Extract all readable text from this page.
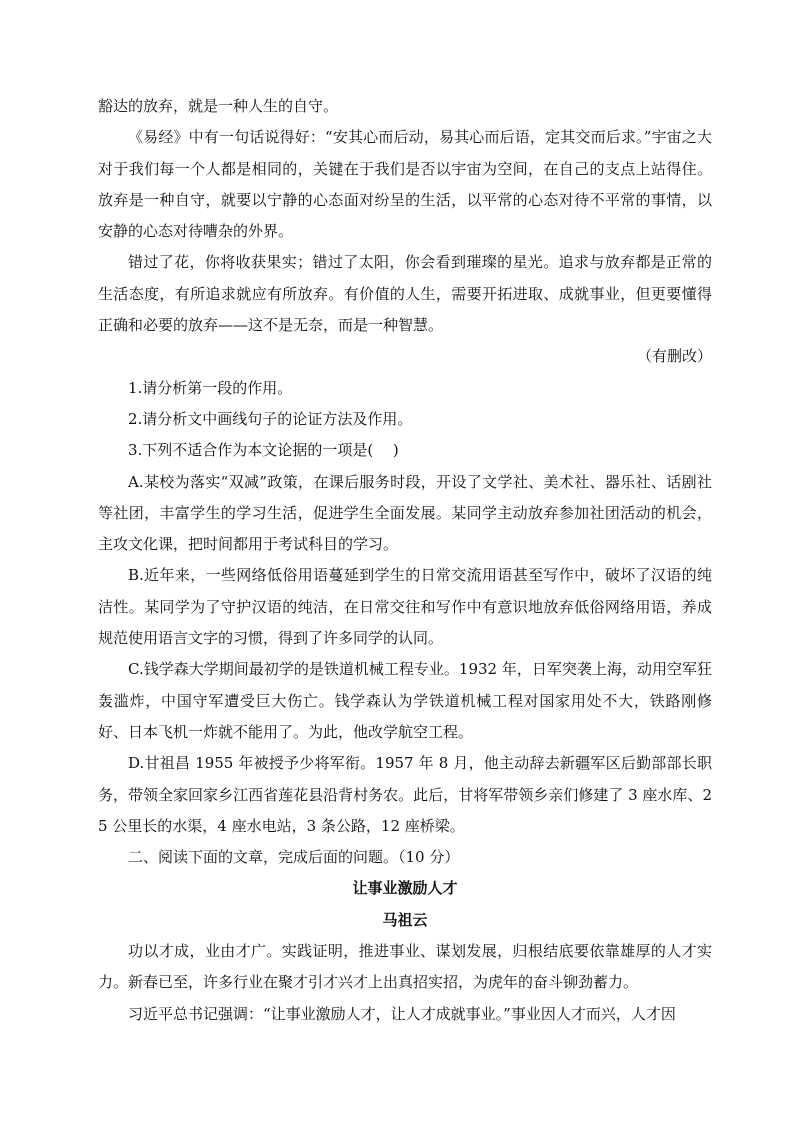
豁达的放弃，就是一种人生的自守。

《易经》中有一句话说得好：“安其心而后动，易其心而后语，定其交而后求。”宇宙之大对于我们每一个人都是相同的，关键在于我们是否以宇宙为空间，在自己的支点上站得住。放弃是一种自守，就要以宁静的心态面对纷呈的生活，以平常的心态对待不平常的事情，以安静的心态对待嘈杂的外界。

错过了花，你将收获果实；错过了太阳，你会看到璀璨的星光。追求与放弃都是正常的生活态度，有所追求就应有所放弃。有价值的人生，需要开拓进取、成就事业，但更要懂得正确和必要的放弃——这不是无奈，而是一种智慧。

（有删改）

1.请分析第一段的作用。

2.请分析文中画线句子的论证方法及作用。

3.下列不适合作为本文论据的一项是(　 )

A.某校为落实“双减”政策，在课后服务时段，开设了文学社、美术社、器乐社、话剧社等社团，丰富学生的学习生活，促进学生全面发展。某同学主动放弃参加社团活动的机会，主攻文化课，把时间都用于考试科目的学习。

B.近年来，一些网络低俗用语蔓延到学生的日常交流用语甚至写作中，破坏了汉语的纯洁性。某同学为了守护汉语的纯洁，在日常交往和写作中有意识地放弃低俗网络用语，养成规范使用语言文字的习惯，得到了许多同学的认同。

C.钱学森大学期间最初学的是铁道机械工程专业。1932 年，日军突袭上海，动用空军狂轰滥炸，中国守军遭受巨大伤亡。钱学森认为学铁道机械工程对国家用处不大，铁路刚修好、日本飞机一炸就不能用了。为此，他改学航空工程。

D.甘祖昌 1955 年被授予少将军衔。1957 年 8 月，他主动辞去新疆军区后勤部部长职务，带领全家回家乡江西省莲花县沿背村务农。此后，甘将军带领乡亲们修建了 3 座水库、25 公里长的水渠，4 座水电站，3 条公路，12 座桥梁。

二、阅读下面的文章，完成后面的问题。（10 分）

让事业激励人才

马祖云

功以才成，业由才广。实践证明，推进事业、谋划发展，归根结底要依靠雄厚的人才实力。新春已至，许多行业在聚才引才兴才上出真招实招，为虎年的奋斗铆劲蓄力。

习近平总书记强调：“让事业激励人才，让人才成就事业。”事业因人才而兴，人才因
